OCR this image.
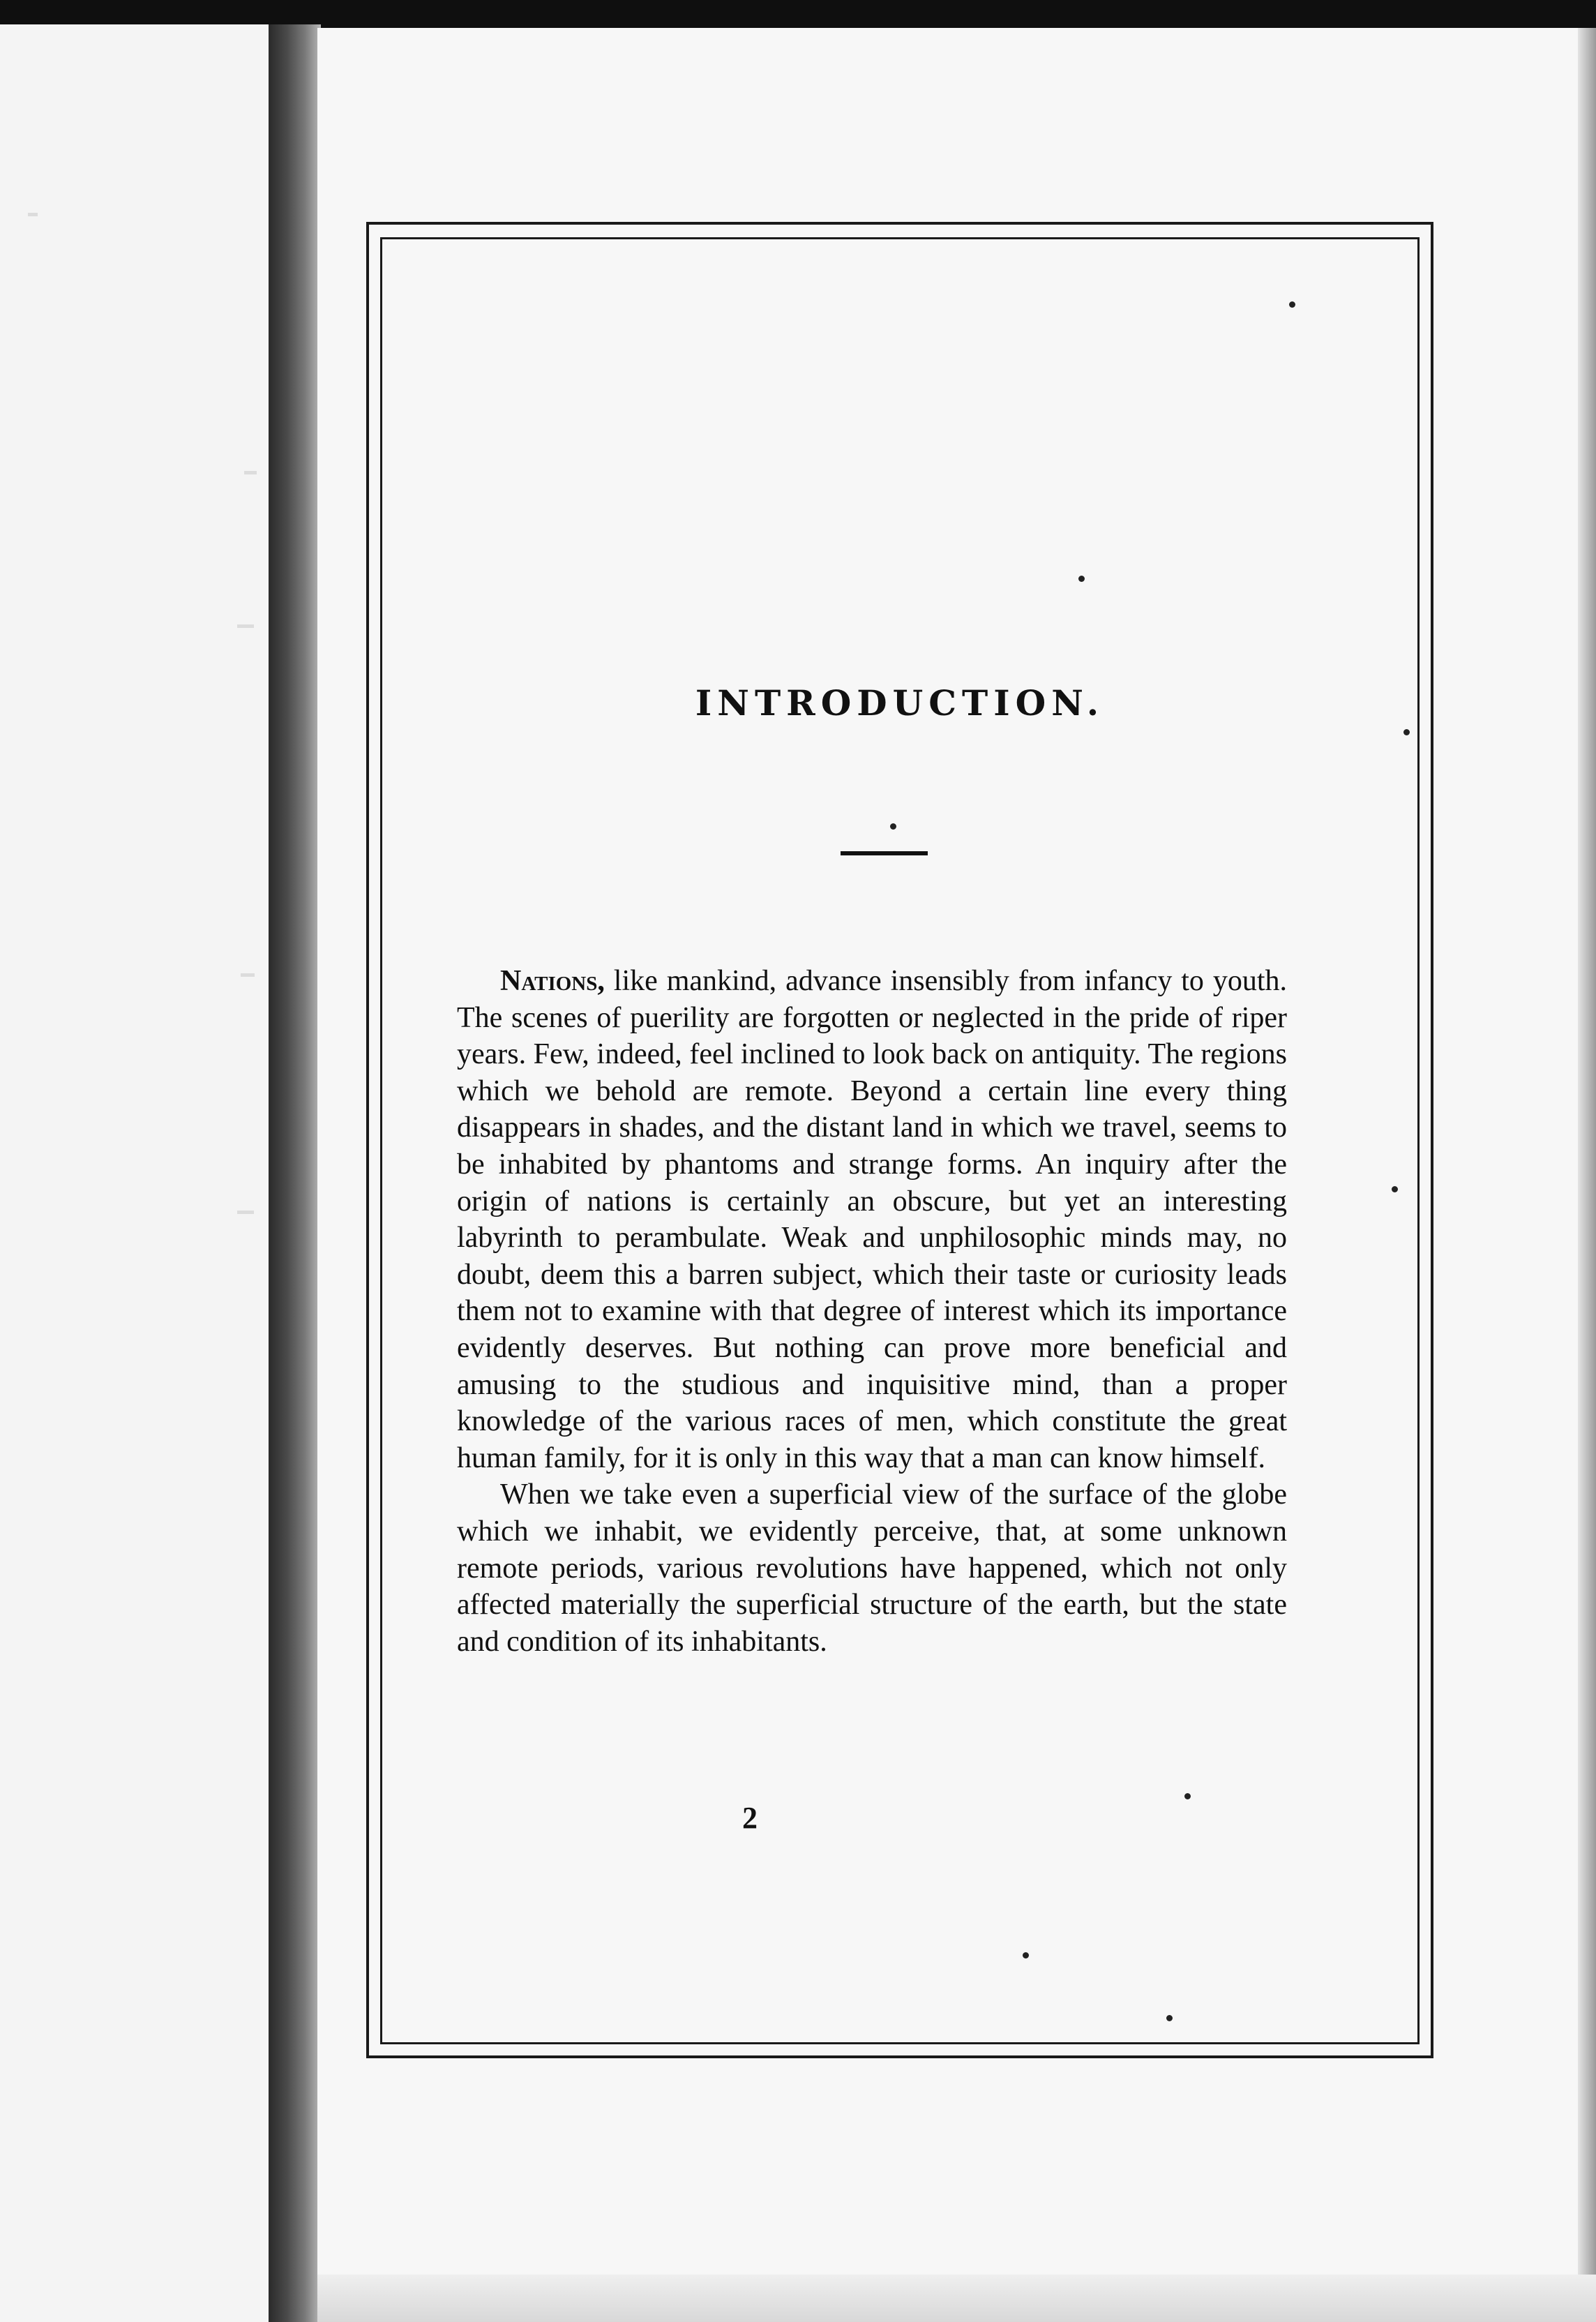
INTRODUCTION.

Nations, like mankind, advance insensibly from infancy to youth. The scenes of puerility are forgotten or neglected in the pride of riper years. Few, indeed, feel inclined to look back on antiquity. The regions which we behold are remote. Beyond a certain line every thing disappears in shades, and the distant land in which we travel, seems to be inhabited by phantoms and strange forms. An inquiry after the origin of nations is certainly an obscure, but yet an interesting labyrinth to perambulate. Weak and unphilosophic minds may, no doubt, deem this a barren subject, which their taste or curiosity leads them not to examine with that degree of interest which its importance evidently deserves. But nothing can prove more beneficial and amusing to the studious and inquisitive mind, than a proper knowledge of the various races of men, which constitute the great human family, for it is only in this way that a man can know himself.

When we take even a superficial view of the surface of the globe which we inhabit, we evidently perceive, that, at some unknown remote periods, various revolutions have happened, which not only affected materially the superficial structure of the earth, but the state and condition of its inhabitants.

2
